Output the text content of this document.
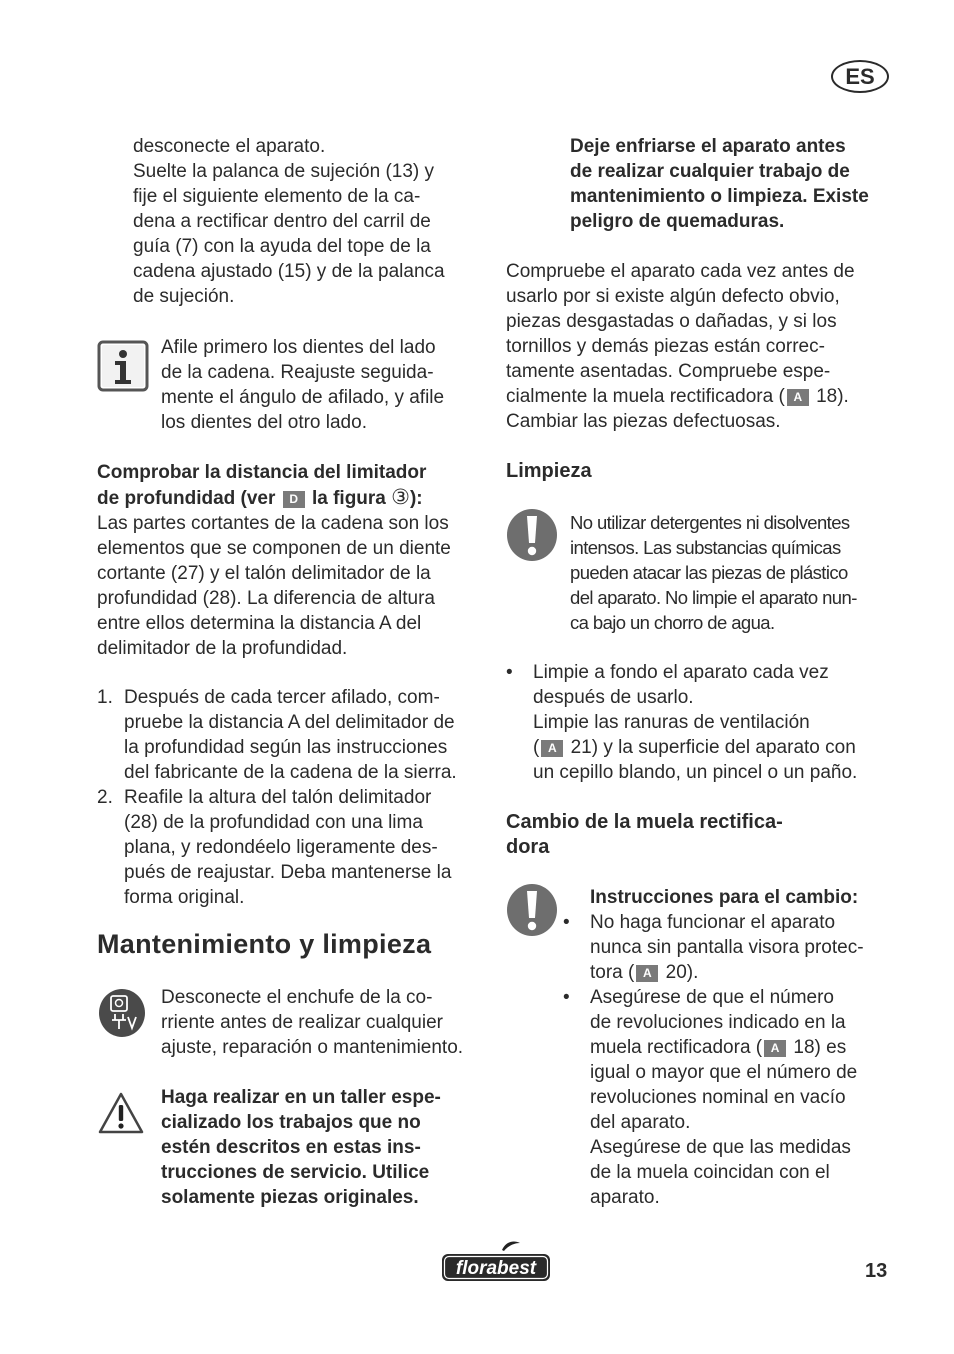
ES
desconecte el aparato.
Suelte la palanca de sujeción (13) y
fije el siguiente elemento de la ca-
dena a rectificar dentro del carril de
guía (7) con la ayuda del tope de la
cadena ajustado (15) y de la palanca
de sujeción.
Afile primero los dientes del lado
de la cadena. Reajuste seguida-
mente el ángulo de afilado, y afile
los dientes del otro lado.
Comprobar la distancia del limitador
de profundidad (ver D la figura ③):
Las partes cortantes de la cadena son los
elementos que se componen de un diente
cortante (27) y el talón delimitador de la
profundidad (28). La diferencia de altura
entre ellos determina la distancia A del
delimitador de la profundidad.
1. Después de cada tercer afilado, com-
pruebe la distancia A del delimitador de
la profundidad según las instrucciones
del fabricante de la cadena de la sierra.
2. Reafile la altura del talón delimitador
(28) de la profundidad con una lima
plana, y redondéelo ligeramente des-
pués de reajustar. Deba mantenerse la
forma original.
Mantenimiento y limpieza
Desconecte el enchufe de la co-
rriente antes de realizar cualquier
ajuste, reparación o mantenimiento.
Haga realizar en un taller espe-
cializado los trabajos que no
estén descritos en estas ins-
trucciones de servicio. Utilice
solamente piezas originales.
Deje enfriarse el aparato antes
de realizar cualquier trabajo de
mantenimiento o limpieza. Existe
peligro de quemaduras.
Compruebe el aparato cada vez antes de
usarlo por si existe algún defecto obvio,
piezas desgastadas o dañadas, y si los
tornillos y demás piezas están correc-
tamente asentadas. Compruebe espe-
cialmente la muela rectificadora ( A 18).
Cambiar las piezas defectuosas.
Limpieza
No utilizar detergentes ni disolventes
intensos. Las substancias químicas
pueden atacar las piezas de plástico
del aparato. No limpie el aparato nun-
ca bajo un chorro de agua.
• Limpie a fondo el aparato cada vez
después de usarlo.
Limpie las ranuras de ventilación
( A 21) y la superficie del aparato con
un cepillo blando, un pincel o un paño.
Cambio de la muela rectifica-
dora
Instrucciones para el cambio:
• No haga funcionar el aparato
nunca sin pantalla visora protec-
tora ( A 20).
• Asegúrese de que el número
de revoluciones indicado en la
muela rectificadora ( A 18) es
igual o mayor que el número de
revoluciones nominal en vacío
del aparato.
Asegúrese de que las medidas
de la muela coincidan con el
aparato.
florabest	13
